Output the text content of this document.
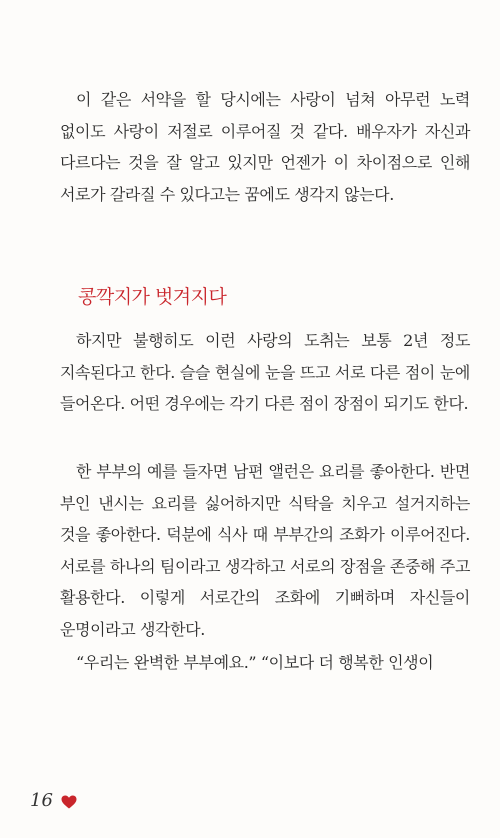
이 같은 서약을 할 당시에는 사랑이 넘쳐 아무런 노력 없이도 사랑이 저절로 이루어질 것 같다. 배우자가 자신과 다르다는 것을 잘 알고 있지만 언젠가 이 차이점으로 인해 서로가 갈라질 수 있다고는 꿈에도 생각지 않는다.

콩깍지가 벗겨지다

하지만 불행히도 이런 사랑의 도취는 보통 2년 정도 지속된다고 한다. 슬슬 현실에 눈을 뜨고 서로 다른 점이 눈에 들어온다. 어떤 경우에는 각기 다른 점이 장점이 되기도 한다.

한 부부의 예를 들자면 남편 앨런은 요리를 좋아한다. 반면 부인 낸시는 요리를 싫어하지만 식탁을 치우고 설거지하는 것을 좋아한다. 덕분에 식사 때 부부간의 조화가 이루어진다. 서로를 하나의 팀이라고 생각하고 서로의 장점을 존중해 주고 활용한다. 이렇게 서로간의 조화에 기뻐하며 자신들이 운명이라고 생각한다.

“우리는 완벽한 부부예요.” “이보다 더 행복한 인생이

16
